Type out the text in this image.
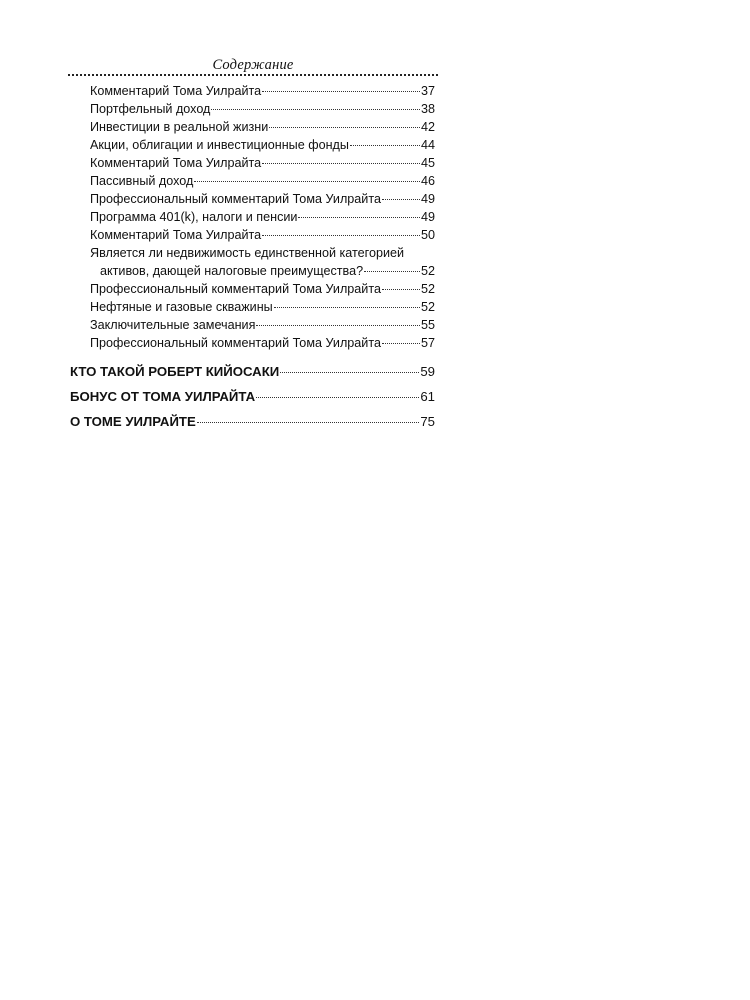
Содержание
Комментарий Тома Уилрайта	37
Портфельный доход	38
Инвестиции в реальной жизни	42
Акции, облигации и инвестиционные фонды	44
Комментарий Тома Уилрайта	45
Пассивный доход	46
Профессиональный комментарий Тома Уилрайта	49
Программа 401(k), налоги и пенсии	49
Комментарий Тома Уилрайта	50
Является ли недвижимость единственной категорией
активов, дающей налоговые преимущества?	52
Профессиональный комментарий Тома Уилрайта	52
Нефтяные и газовые скважины	52
Заключительные замечания	55
Профессиональный комментарий Тома Уилрайта	57
КТО ТАКОЙ РОБЕРТ КИЙОСАКИ	59
БОНУС ОТ ТОМА УИЛРАЙТА	61
О ТОМЕ УИЛРАЙТЕ	75
